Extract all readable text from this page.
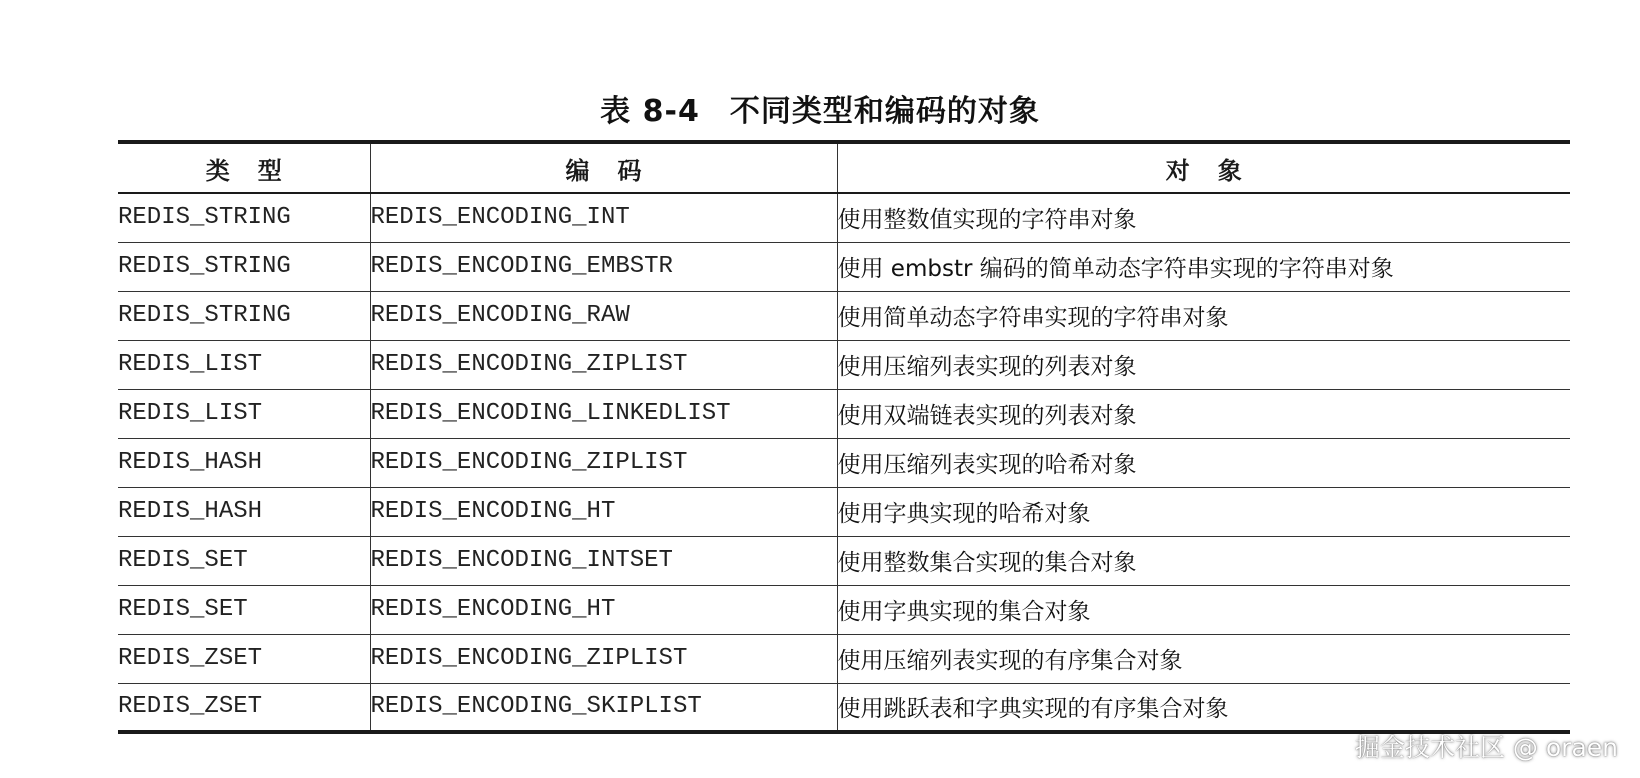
表 8-4 不同类型和编码的对象
类型	编码	对象
REDIS_STRING	REDIS_ENCODING_INT	使用整数值实现的字符串对象
REDIS_STRING	REDIS_ENCODING_EMBSTR	使用 embstr 编码的简单动态字符串实现的字符串对象
REDIS_STRING	REDIS_ENCODING_RAW	使用简单动态字符串实现的字符串对象
REDIS_LIST	REDIS_ENCODING_ZIPLIST	使用压缩列表实现的列表对象
REDIS_LIST	REDIS_ENCODING_LINKEDLIST	使用双端链表实现的列表对象
REDIS_HASH	REDIS_ENCODING_ZIPLIST	使用压缩列表实现的哈希对象
REDIS_HASH	REDIS_ENCODING_HT	使用字典实现的哈希对象
REDIS_SET	REDIS_ENCODING_INTSET	使用整数集合实现的集合对象
REDIS_SET	REDIS_ENCODING_HT	使用字典实现的集合对象
REDIS_ZSET	REDIS_ENCODING_ZIPLIST	使用压缩列表实现的有序集合对象
REDIS_ZSET	REDIS_ENCODING_SKIPLIST	使用跳跃表和字典实现的有序集合对象
掘金技术社区 @ oraen
